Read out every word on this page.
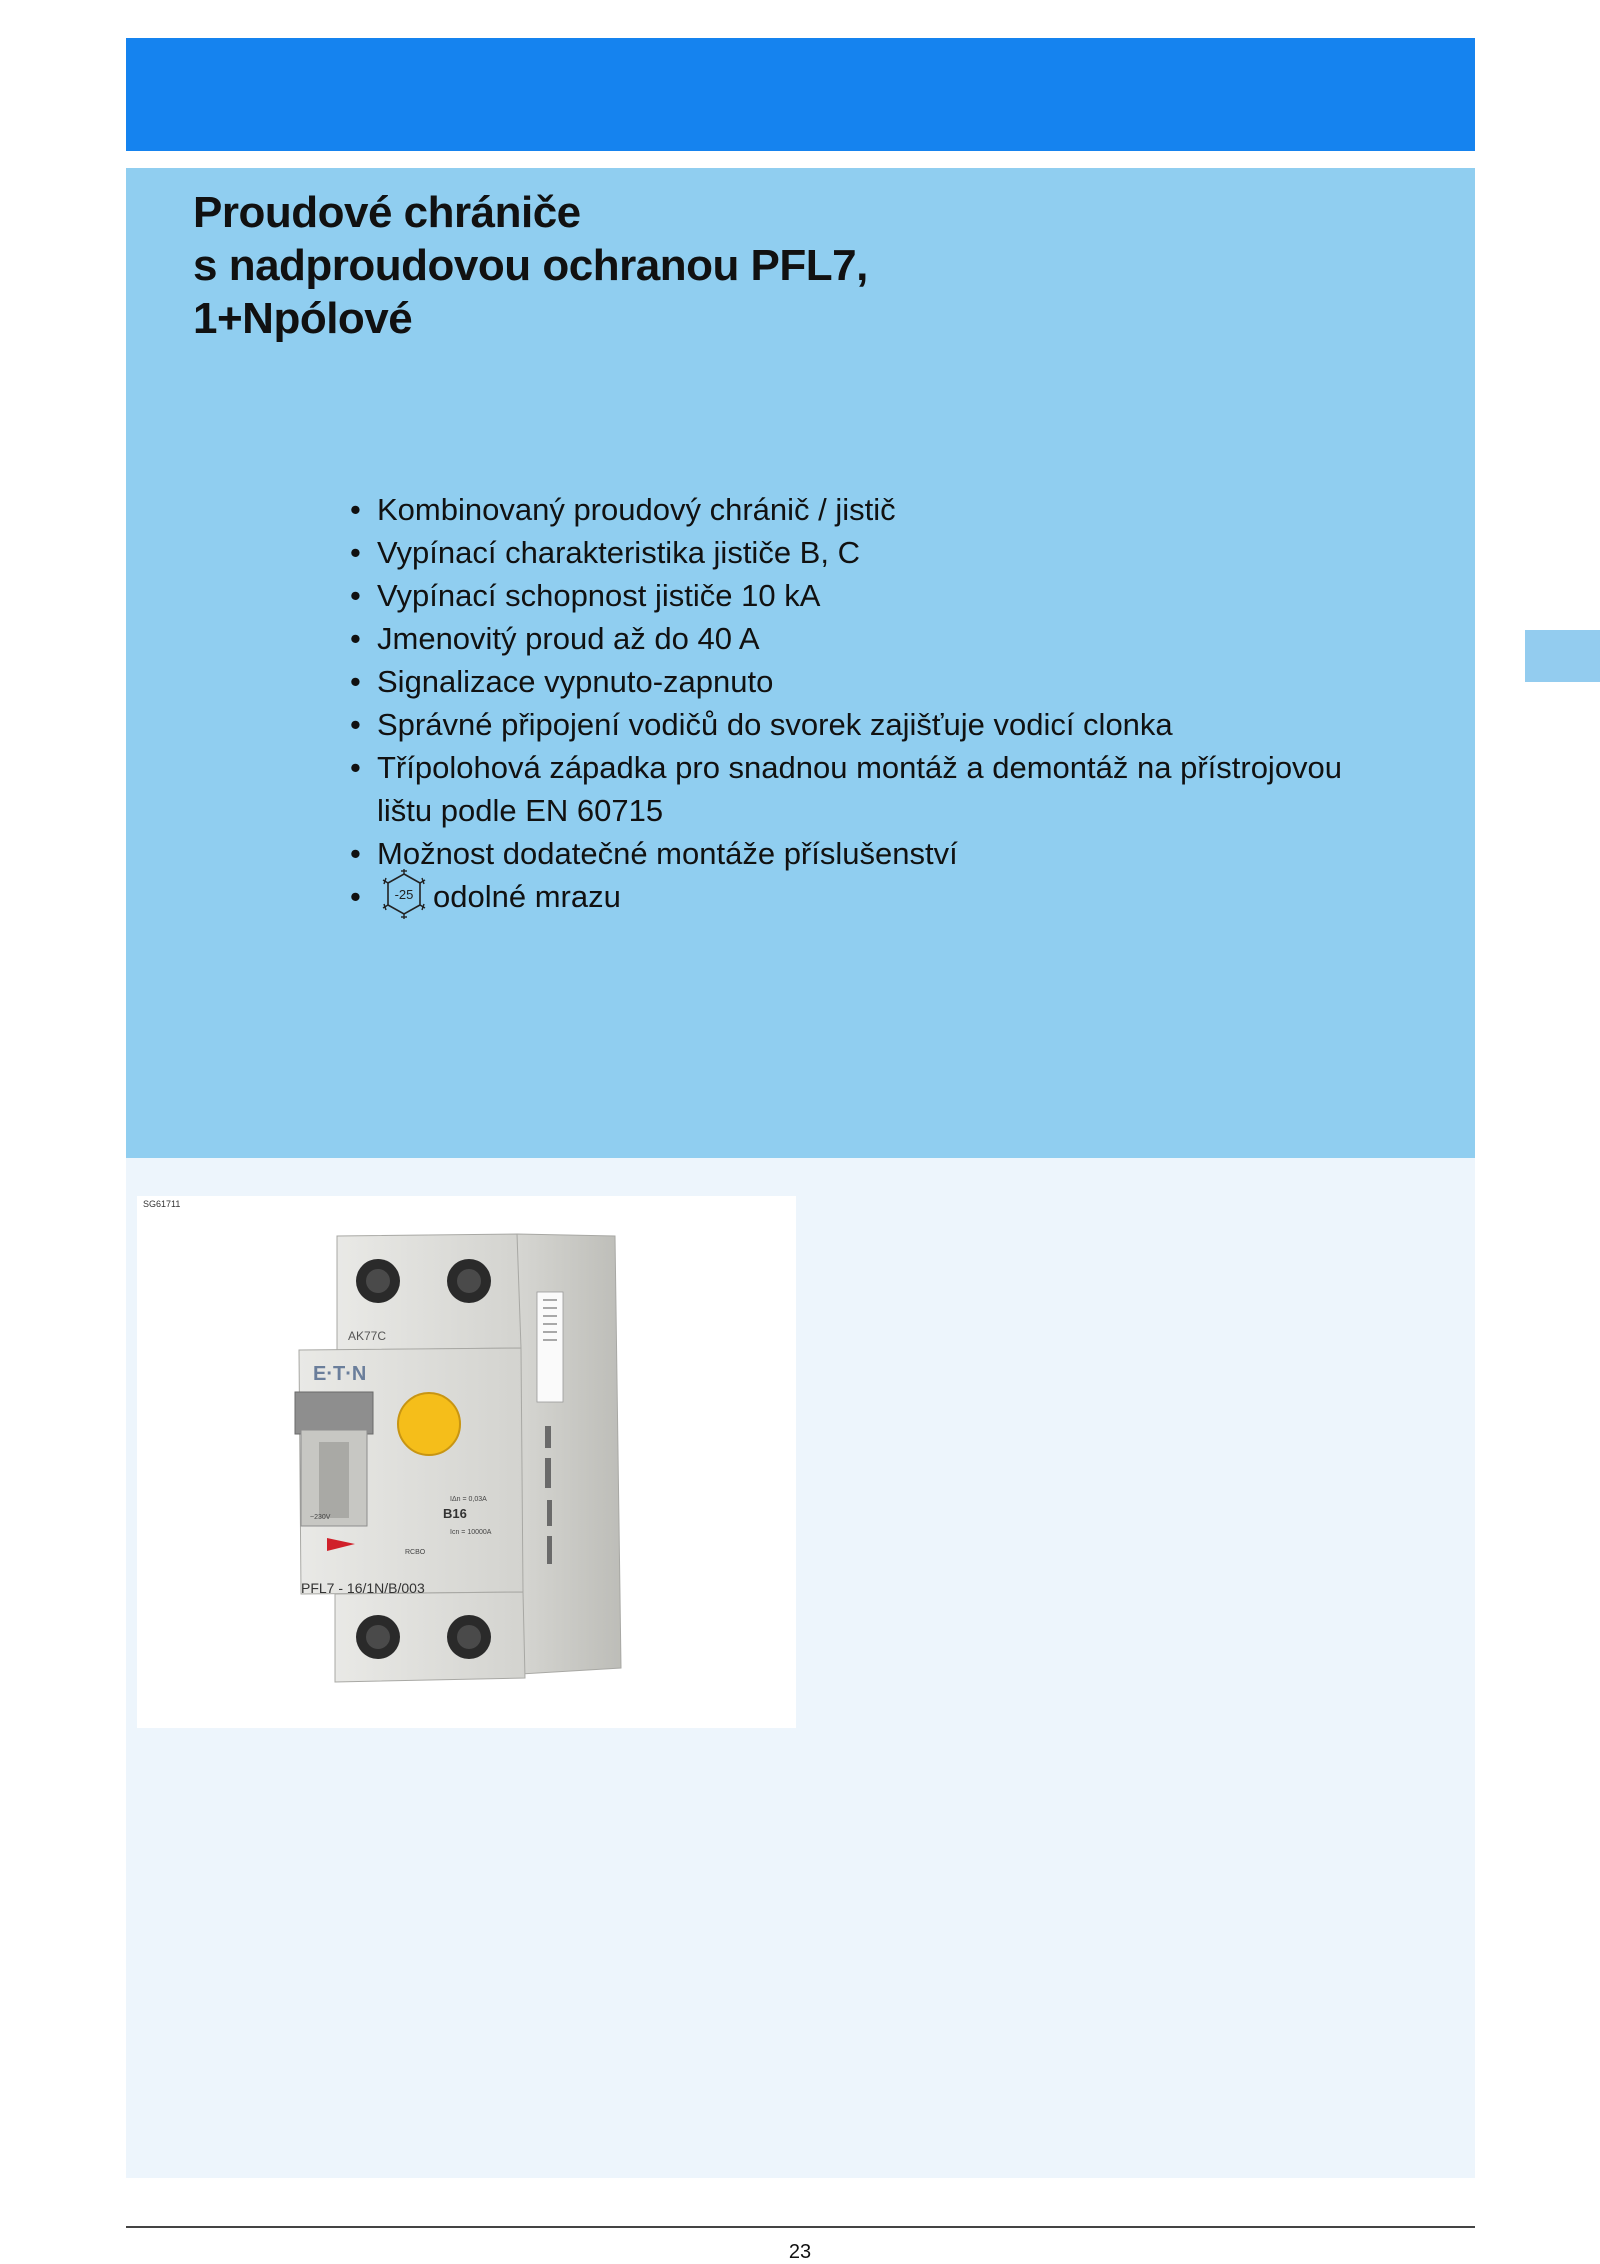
Proudové chrániče
s nadproudovou ochranou PFL7,
1+Npólové
• Kombinovaný proudový chránič / jistič
• Vypínací charakteristika jističe B, C
• Vypínací schopnost jističe 10 kA
• Jmenovitý proud až do 40 A
• Signalizace vypnuto-zapnuto
• Správné připojení vodičů do svorek zajišťuje vodicí clonka
• Třípolohová západka pro snadnou montáž a demontáž na přístrojovou
lištu podle EN 60715
• Možnost dodatečné montáže příslušenství
• -25 odolné mrazu
SG61711
E·T·N
AK77C
B16
IΔn = 0,03A
Icn = 10000A
~230V
RCBO
PFL7 - 16/1N/B/003
23
